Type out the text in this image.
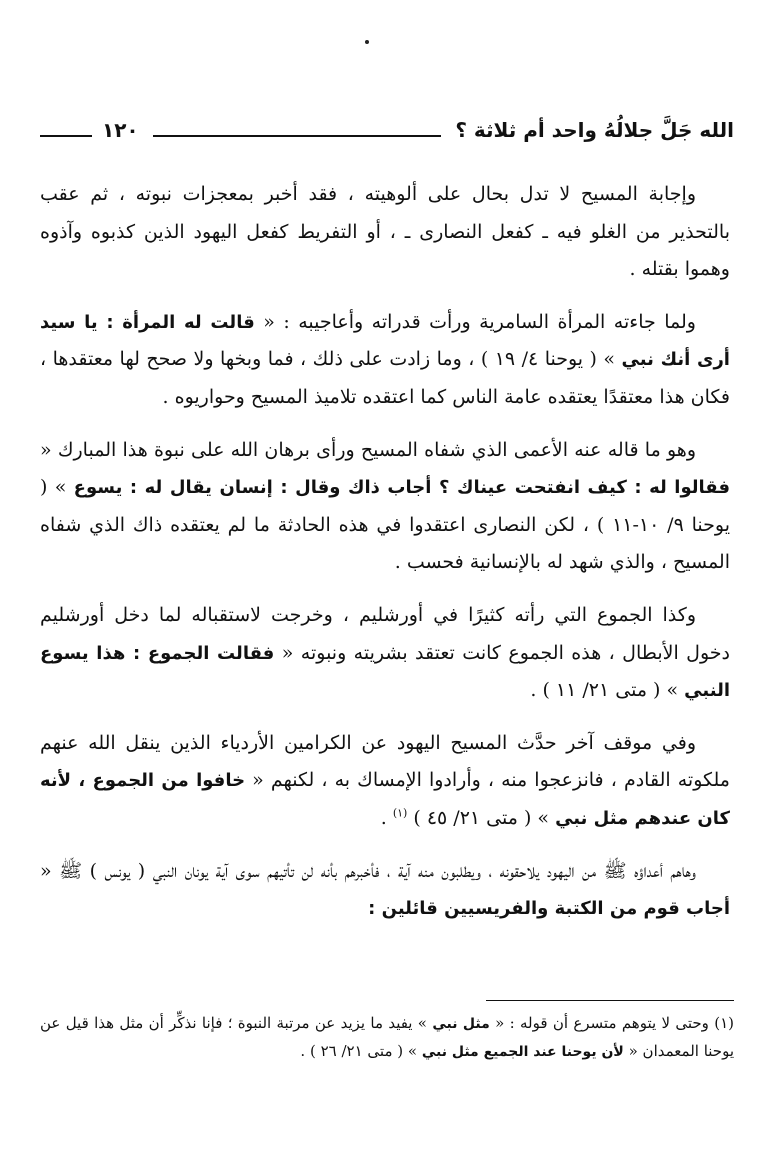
الله جَلَّ جلالُهُ واحد أم ثلاثة ؟
١٢٠

وإجابة المسيح لا تدل بحال على ألوهيته ، فقد أخبر بمعجزات نبوته ، ثم عقب بالتحذير من الغلو فيه ـ كفعل النصارى ـ ، أو التفريط كفعل اليهود الذين كذبوه وآذوه وهموا بقتله .

ولما جاءته المرأة السامرية ورأت قدراته وأعاجيبه : « قالت له المرأة : يا سيد أرى أنك نبي » ( يوحنا ٤/ ١٩ ) ، وما زادت على ذلك ، فما وبخها ولا صحح لها معتقدها ، فكان هذا معتقدًا يعتقده عامة الناس كما اعتقده تلاميذ المسيح وحواريوه .

وهو ما قاله عنه الأعمى الذي شفاه المسيح ورأى برهان الله على نبوة هذا المبارك « فقالوا له : كيف انفتحت عيناك ؟ أجاب ذاك وقال : إنسان يقال له : يسوع » ( يوحنا ٩/ ١٠-١١ ) ، لكن النصارى اعتقدوا في هذه الحادثة ما لم يعتقده ذاك الذي شفاه المسيح ، والذي شهد له بالإنسانية فحسب .

وكذا الجموع التي رأته كثيرًا في أورشليم ، وخرجت لاستقباله لما دخل أورشليم دخول الأبطال ، هذه الجموع كانت تعتقد بشريته ونبوته « فقالت الجموع : هذا يسوع النبي » ( متى ٢١/ ١١ ) .

وفي موقف آخر حدَّث المسيح اليهود عن الكرامين الأردياء الذين ينقل الله عنهم ملكوته القادم ، فانزعجوا منه ، وأرادوا الإمساك به ، لكنهم « خافوا من الجموع ، لأنه كان عندهم مثل نبي » ( متى ٢١/ ٤٥ ) $^{(١)}$ .

وهاهم أعداؤه ﷺ من اليهود يلاحقونه ، ويطلبون منه آية ، فأخبرهم بأنه لن تأتيهم سوى آية يونان النبي ( يونس ) ﷺ « أجاب قوم من الكتبة والفريسيين قائلين :

(١) وحتى لا يتوهم متسرع أن قوله : « مثل نبي » يفيد ما يزيد عن مرتبة النبوة ؛ فإنا نذكِّر أن مثل هذا قيل عن يوحنا المعمدان « لأن يوحنا عند الجميع مثل نبي » ( متى ٢١/ ٢٦ ) .
